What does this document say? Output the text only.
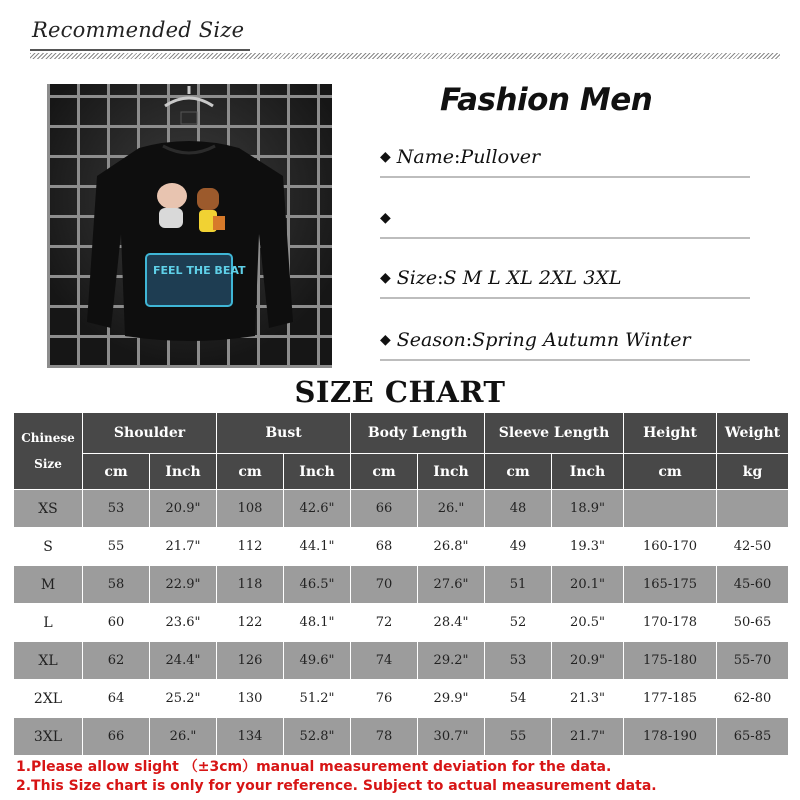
Recommended Size
FEEL THE BEAT
Fashion Men
◆ Name:Pullover
◆
◆ Size:S M L XL 2XL 3XL
◆ Season:Spring Autumn Winter
SIZE CHART
Chinese
Size	Shoulder		Bust		Body Length		Sleeve Length		Height	Weight
	cm	Inch	cm	Inch	cm	Inch	cm	Inch	cm	kg
XS	53	20.9"	108	42.6"	66	26."	48	18.9"		
S	55	21.7"	112	44.1"	68	26.8"	49	19.3"	160-170	42-50
M	58	22.9"	118	46.5"	70	27.6"	51	20.1"	165-175	45-60
L	60	23.6"	122	48.1"	72	28.4"	52	20.5"	170-178	50-65
XL	62	24.4"	126	49.6"	74	29.2"	53	20.9"	175-180	55-70
2XL	64	25.2"	130	51.2"	76	29.9"	54	21.3"	177-185	62-80
3XL	66	26."	134	52.8"	78	30.7"	55	21.7"	178-190	65-85
1.Please allow slight （±3cm）manual measurement deviation for the data.
2.This Size chart is only for your reference. Subject to actual measurement data.
